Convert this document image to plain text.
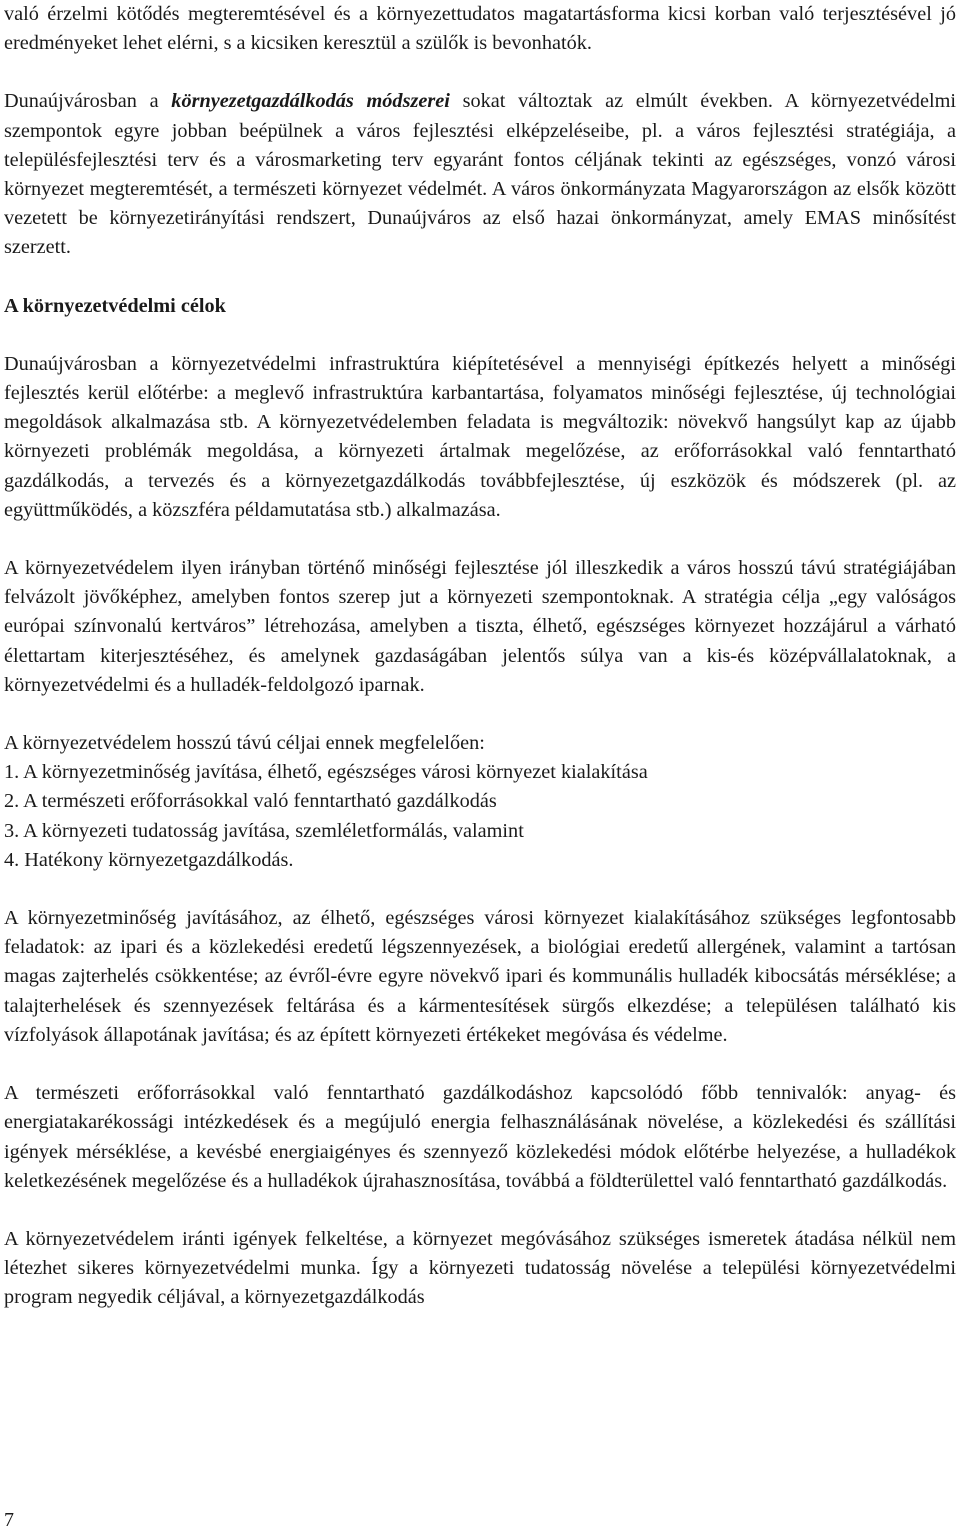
való érzelmi kötődés megteremtésével és a környezettudatos magatartásforma kicsi korban való terjesztésével jó eredményeket lehet elérni, s a kicsiken keresztül a szülők is bevonhatók.

Dunaújvárosban a környezetgazdálkodás módszerei sokat változtak az elmúlt években. A környezetvédelmi szempontok egyre jobban beépülnek a város fejlesztési elképzeléseibe, pl. a város fejlesztési stratégiája, a településfejlesztési terv és a városmarketing terv egyaránt fontos céljának tekinti az egészséges, vonzó városi környezet megteremtését, a természeti környezet védelmét. A város önkormányzata Magyarországon az elsők között vezetett be környezetirányítási rendszert, Dunaújváros az első hazai önkormányzat, amely EMAS minősítést szerzett.

A környezetvédelmi célok

Dunaújvárosban a környezetvédelmi infrastruktúra kiépítetésével a mennyiségi építkezés helyett a minőségi fejlesztés kerül előtérbe: a meglevő infrastruktúra karbantartása, folyamatos minőségi fejlesztése, új technológiai megoldások alkalmazása stb. A környezetvédelemben feladata is megváltozik: növekvő hangsúlyt kap az újabb környezeti problémák megoldása, a környezeti ártalmak megelőzése, az erőforrásokkal való fenntartható gazdálkodás, a tervezés és a környezetgazdálkodás továbbfejlesztése, új eszközök és módszerek (pl. az együttműködés, a közszféra példamutatása stb.) alkalmazása.

A környezetvédelem ilyen irányban történő minőségi fejlesztése jól illeszkedik a város hosszú távú stratégiájában felvázolt jövőképhez, amelyben fontos szerep jut a környezeti szempontoknak. A stratégia célja „egy valóságos európai színvonalú kertváros” létrehozása, amelyben a tiszta, élhető, egészséges környezet hozzájárul a várható élettartam kiterjesztéséhez, és amelynek gazdaságában jelentős súlya van a kis-és középvállalatoknak, a környezetvédelmi és a hulladék-feldolgozó iparnak.

A környezetvédelem hosszú távú céljai ennek megfelelően:

1. A környezetminőség javítása, élhető, egészséges városi környezet kialakítása
2. A természeti erőforrásokkal való fenntartható gazdálkodás
3. A környezeti tudatosság javítása, szemléletformálás, valamint
4. Hatékony környezetgazdálkodás.

A környezetminőség javításához, az élhető, egészséges városi környezet kialakításához szükséges legfontosabb feladatok: az ipari és a közlekedési eredetű légszennyezések, a biológiai eredetű allergének, valamint a tartósan magas zajterhelés csökkentése; az évről-évre egyre növekvő ipari és kommunális hulladék kibocsátás mérséklése; a talajterhelések és szennyezések feltárása és a kármentesítések sürgős elkezdése; a településen található kis vízfolyások állapotának javítása; és az épített környezeti értékeket megóvása és védelme.

A természeti erőforrásokkal való fenntartható gazdálkodáshoz kapcsolódó főbb tennivalók: anyag- és energiatakarékossági intézkedések és a megújuló energia felhasználásának növelése, a közlekedési és szállítási igények mérséklése, a kevésbé energiaigényes és szennyező közlekedési módok előtérbe helyezése, a hulladékok keletkezésének megelőzése és a hulladékok újrahasznosítása, továbbá a földterülettel való fenntartható gazdálkodás.

A környezetvédelem iránti igények felkeltése, a környezet megóvásához szükséges ismeretek átadása nélkül nem létezhet sikeres környezetvédelmi munka. Így a környezeti tudatosság növelése a települési környezetvédelmi program negyedik céljával, a környezetgazdálkodás

7
